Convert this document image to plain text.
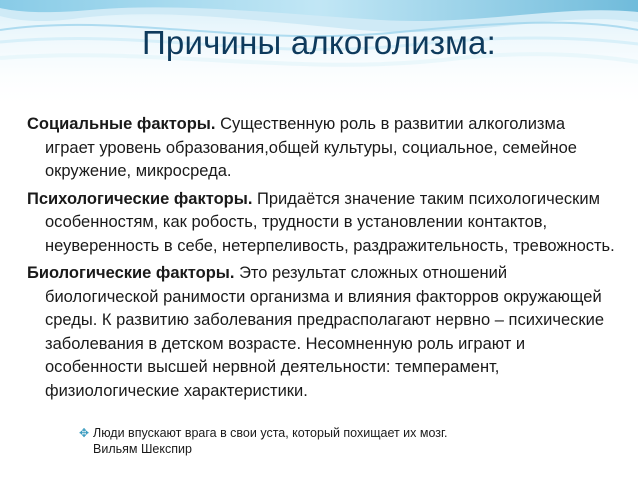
Причины алкоголизма:

Социальные факторы. Существенную роль в развитии алкоголизма играет уровень образования,общей культуры, социальное, семейное окружение, микросреда.

Психологические факторы. Придаётся значение таким психологическим особенностям, как робость, трудности в установлении контактов, неуверенность в себе, нетерпеливость, раздражительность, тревожность.

Биологические факторы. Это результат сложных отношений биологической ранимости организма и влияния факторров окружающей среды. К развитию заболевания предрасполагают нервно – психические заболевания в детском возрасте. Несомненную роль играют и особенности высшей нервной деятельности: темперамент, физиологические характеристики.

✥ Люди впускают врага в свои уста, который похищает их мозг.
Вильям Шекспир
